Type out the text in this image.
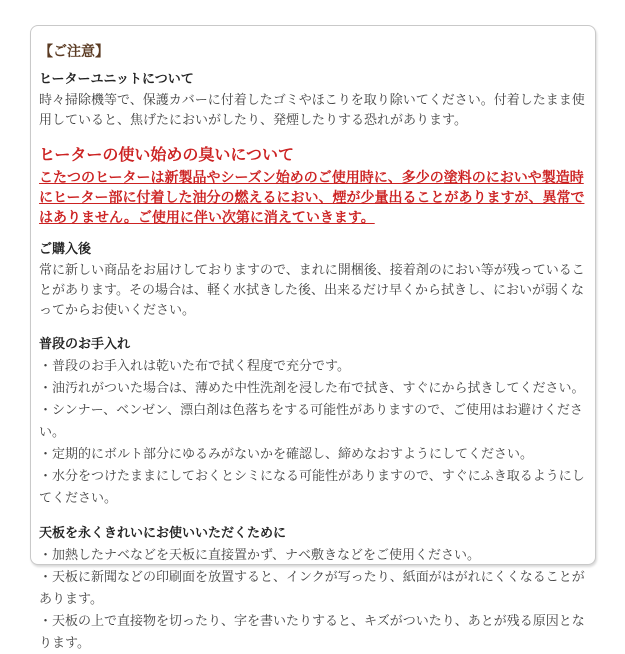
【ご注意】
ヒーターユニットについて
時々掃除機等で、保護カバーに付着したゴミやほこりを取り除いてください。付着したまま使用していると、焦げたにおいがしたり、発煙したりする恐れがあります。
ヒーターの使い始めの臭いについて
こたつのヒーターは新製品やシーズン始めのご使用時に、多少の塗料のにおいや製造時にヒーター部に付着した油分の燃えるにおい、煙が少量出ることがありますが、異常ではありません。ご使用に伴い次第に消えていきます。
ご購入後
常に新しい商品をお届けしておりますので、まれに開梱後、接着剤のにおい等が残っていることがあります。その場合は、軽く水拭きした後、出来るだけ早くから拭きし、においが弱くなってからお使いください。
普段のお手入れ
・普段のお手入れは乾いた布で拭く程度で充分です。
・油汚れがついた場合は、薄めた中性洗剤を浸した布で拭き、すぐにから拭きしてください。
・シンナー、ベンゼン、漂白剤は色落ちをする可能性がありますので、ご使用はお避けください。
・定期的にボルト部分にゆるみがないかを確認し、締めなおすようにしてください。
・水分をつけたままにしておくとシミになる可能性がありますので、すぐにふき取るようにしてください。
天板を永くきれいにお使いいただくために
・加熱したナベなどを天板に直接置かず、ナベ敷きなどをご使用ください。
・天板に新聞などの印刷面を放置すると、インクが写ったり、紙面がはがれにくくなることがあります。
・天板の上で直接物を切ったり、字を書いたりすると、キズがついたり、あとが残る原因となります。
